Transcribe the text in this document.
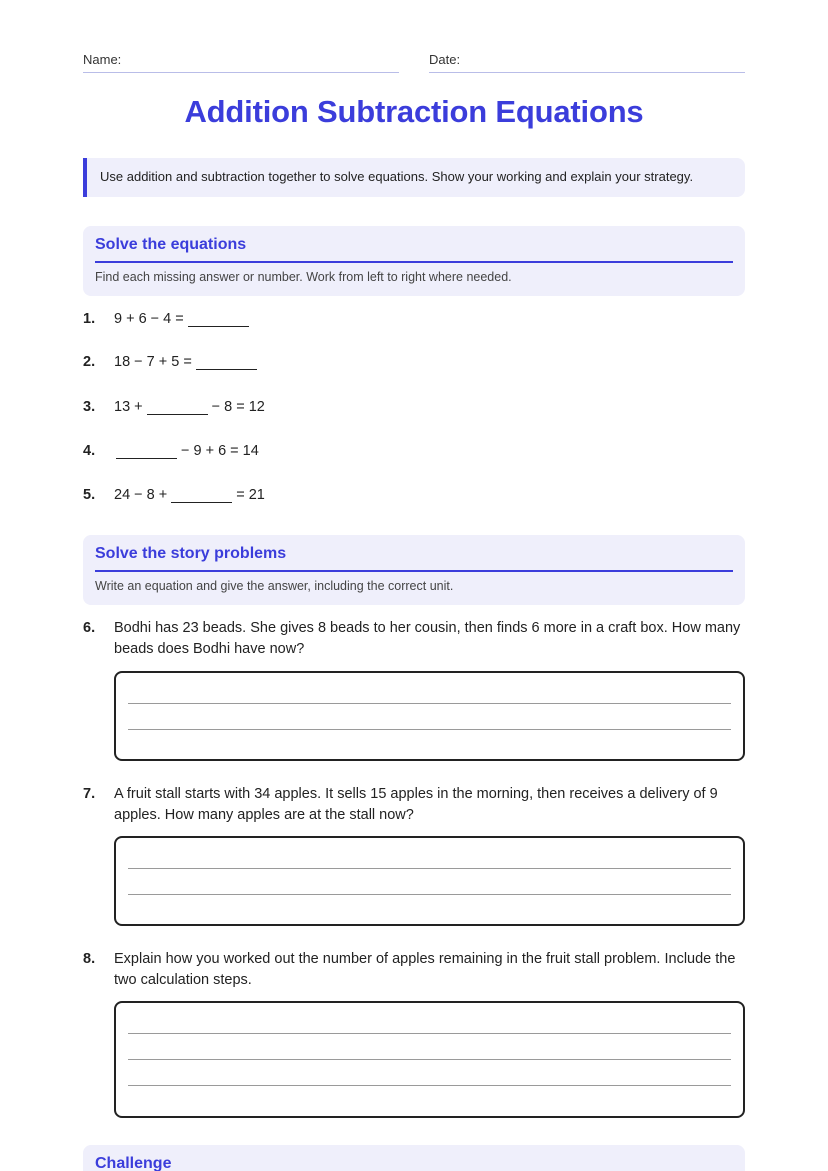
Name:	Date:
Addition Subtraction Equations
Use addition and subtraction together to solve equations. Show your working and explain your strategy.
Solve the equations
Find each missing answer or number. Work from left to right where needed.
1. 9 + 6 − 4 =
2. 18 − 7 + 5 =
3. 13 +	− 8 = 12
4.	− 9 + 6 = 14
5. 24 − 8 +	= 21
Solve the story problems
Write an equation and give the answer, including the correct unit.
6. Bodhi has 23 beads. She gives 8 beads to her cousin, then finds 6 more in a craft box. How many beads does Bodhi have now?
7. A fruit stall starts with 34 apples. It sells 15 apples in the morning, then receives a delivery of 9 apples. How many apples are at the stall now?
8. Explain how you worked out the number of apples remaining in the fruit stall problem. Include the two calculation steps.
Challenge
